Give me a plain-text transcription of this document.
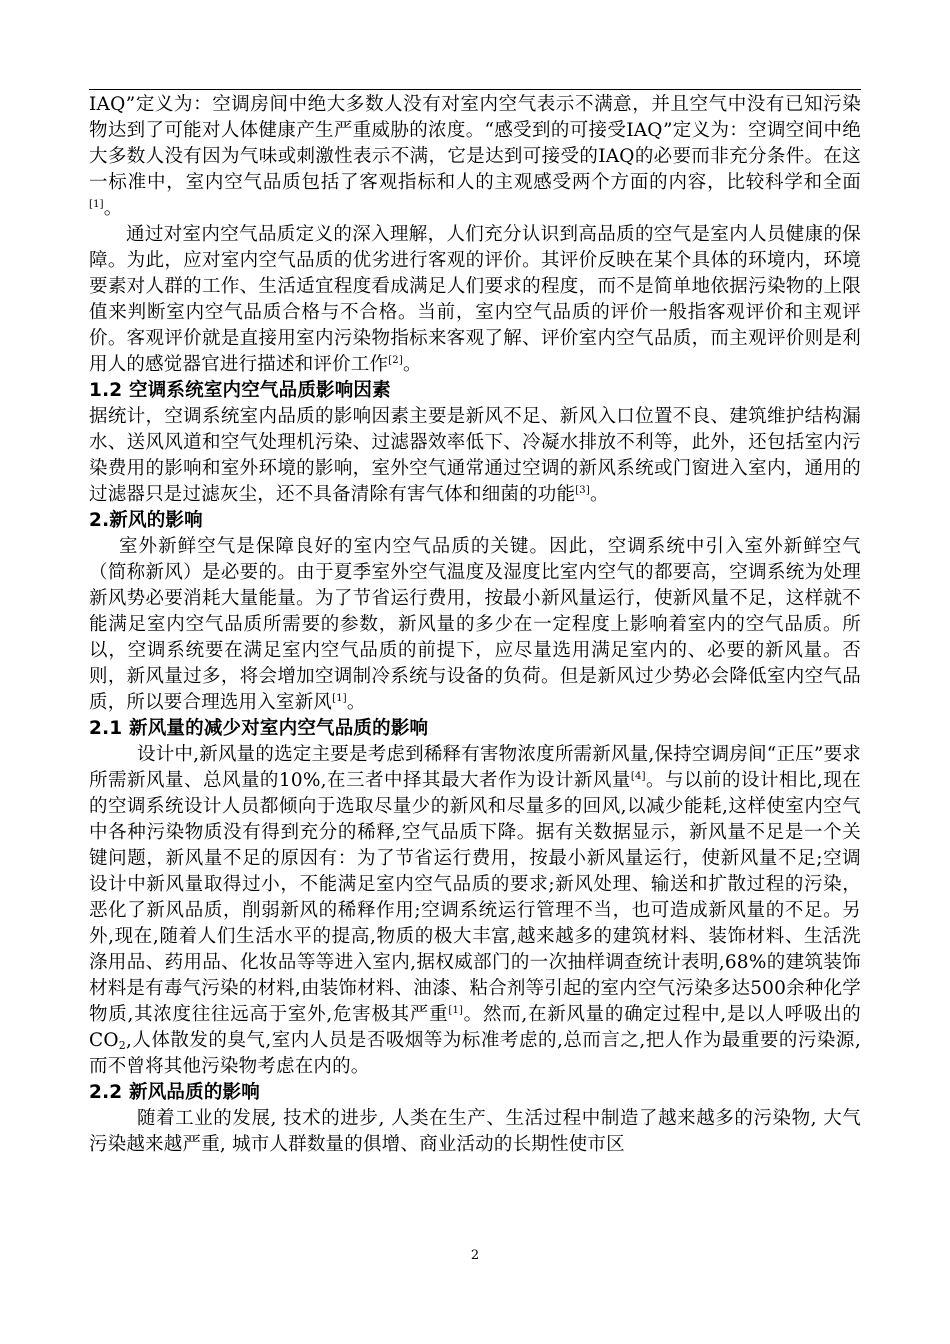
IAQ”定义为：空调房间中绝大多数人没有对室内空气表示不满意，并且空气中没有已知污染物达到了可能对人体健康产生严重威胁的浓度。“感受到的可接受IAQ”定义为：空调空间中绝大多数人没有因为气味或刺激性表示不满，它是达到可接受的IAQ的必要而非充分条件。在这一标准中，室内空气品质包括了客观指标和人的主观感受两个方面的内容，比较科学和全面[1]。

通过对室内空气品质定义的深入理解，人们充分认识到高品质的空气是室内人员健康的保障。为此，应对室内空气品质的优劣进行客观的评价。其评价反映在某个具体的环境内，环境要素对人群的工作、生活适宜程度看成满足人们要求的程度，而不是简单地依据污染物的上限值来判断室内空气品质合格与不合格。当前，室内空气品质的评价一般指客观评价和主观评价。客观评价就是直接用室内污染物指标来客观了解、评价室内空气品质，而主观评价则是利用人的感觉器官进行描述和评价工作[2]。

1.2 空调系统室内空气品质影响因素

据统计，空调系统室内品质的影响因素主要是新风不足、新风入口位置不良、建筑维护结构漏水、送风风道和空气处理机污染、过滤器效率低下、冷凝水排放不利等，此外，还包括室内污染费用的影响和室外环境的影响，室外空气通常通过空调的新风系统或门窗进入室内，通用的过滤器只是过滤灰尘，还不具备清除有害气体和细菌的功能[3]。

2.新风的影响

室外新鲜空气是保障良好的室内空气品质的关键。因此，空调系统中引入室外新鲜空气（简称新风）是必要的。由于夏季室外空气温度及湿度比室内空气的都要高，空调系统为处理新风势必要消耗大量能量。为了节省运行费用，按最小新风量运行，使新风量不足，这样就不能满足室内空气品质所需要的参数，新风量的多少在一定程度上影响着室内的空气品质。所以，空调系统要在满足室内空气品质的前提下，应尽量选用满足室内的、必要的新风量。否则，新风量过多，将会增加空调制冷系统与设备的负荷。但是新风过少势必会降低室内空气品质，所以要合理选用入室新风[1]。

2.1 新风量的减少对室内空气品质的影响

设计中,新风量的选定主要是考虑到稀释有害物浓度所需新风量,保持空调房间“正压”要求所需新风量、总风量的10%,在三者中择其最大者作为设计新风量[4]。与以前的设计相比,现在的空调系统设计人员都倾向于选取尽量少的新风和尽量多的回风,以减少能耗,这样使室内空气中各种污染物质没有得到充分的稀释,空气品质下降。据有关数据显示，新风量不足是一个关键问题，新风量不足的原因有：为了节省运行费用，按最小新风量运行，使新风量不足;空调设计中新风量取得过小，不能满足室内空气品质的要求;新风处理、输送和扩散过程的污染，恶化了新风品质，削弱新风的稀释作用;空调系统运行管理不当，也可造成新风量的不足。另外,现在,随着人们生活水平的提高,物质的极大丰富,越来越多的建筑材料、装饰材料、生活洗涤用品、药用品、化妆品等等进入室内,据权威部门的一次抽样调查统计表明,68%的建筑装饰材料是有毒气污染的材料,由装饰材料、油漆、粘合剂等引起的室内空气污染多达500余种化学物质,其浓度往往远高于室外,危害极其严重[1]。然而,在新风量的确定过程中,是以人呼吸出的$CO_2$,人体散发的臭气,室内人员是否吸烟等为标准考虑的,总而言之,把人作为最重要的污染源,而不曾将其他污染物考虑在内的。

2.2 新风品质的影响

随着工业的发展, 技术的进步, 人类在生产、生活过程中制造了越来越多的污染物, 大气污染越来越严重, 城市人群数量的俱增、商业活动的长期性使市区

2
